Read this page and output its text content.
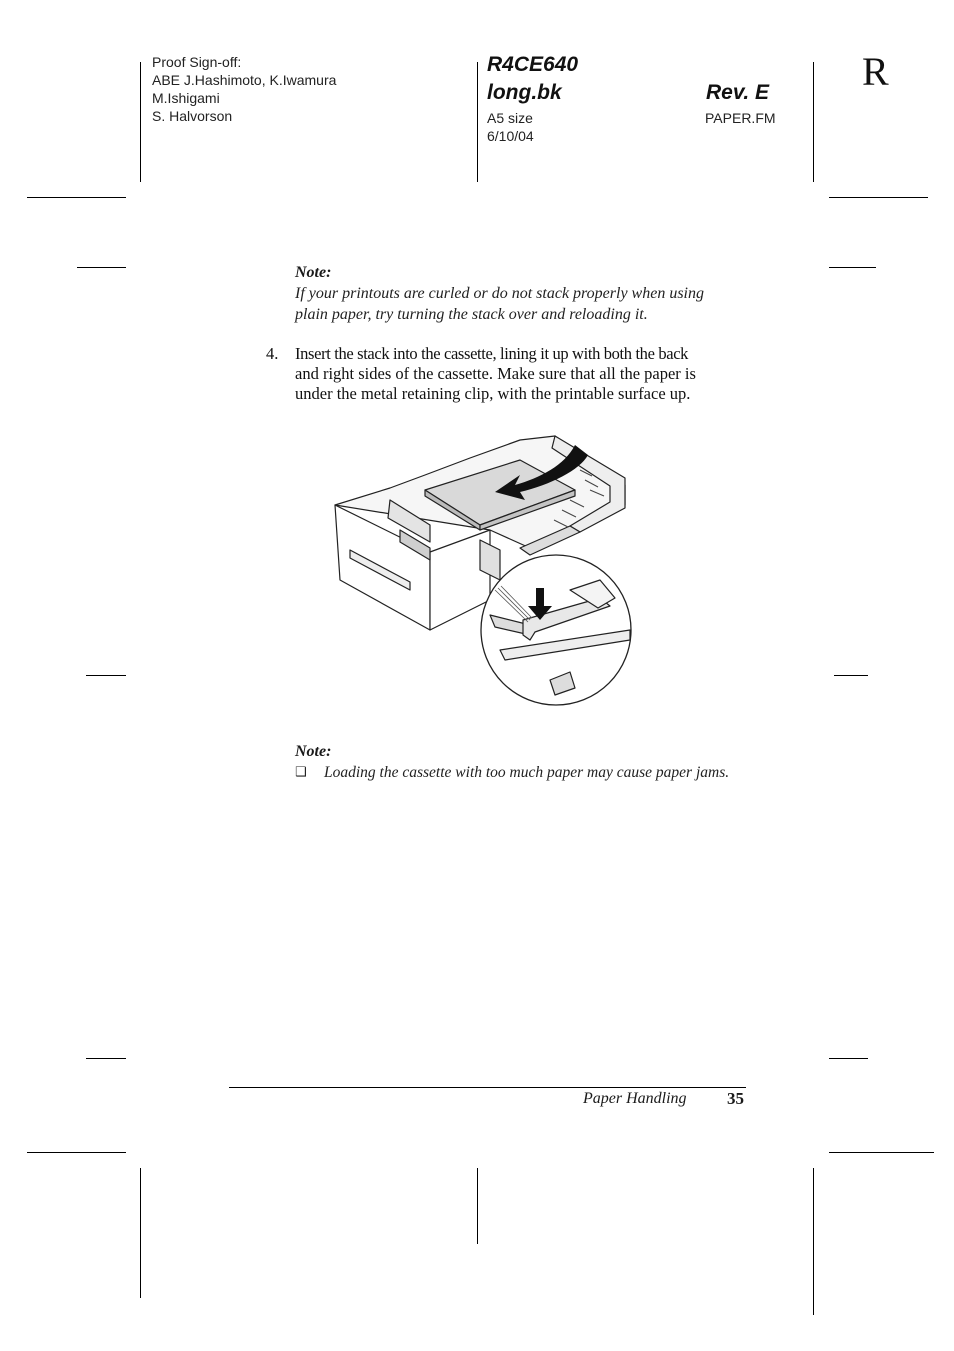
Proof Sign-off:
ABE J.Hashimoto, K.Iwamura
M.Ishigami
S. Halvorson
R4CE640
long.bk
A5 size
6/10/04
Rev. E
PAPER.FM
R
Note:
If your printouts are curled or do not stack properly when using
plain paper, try turning the stack over and reloading it.
4. Insert the stack into the cassette, lining it up with both the back
and right sides of the cassette. Make sure that all the paper is
under the metal retaining clip, with the printable surface up.
Note:
❑ Loading the cassette with too much paper may cause paper jams.
Paper Handling 35
